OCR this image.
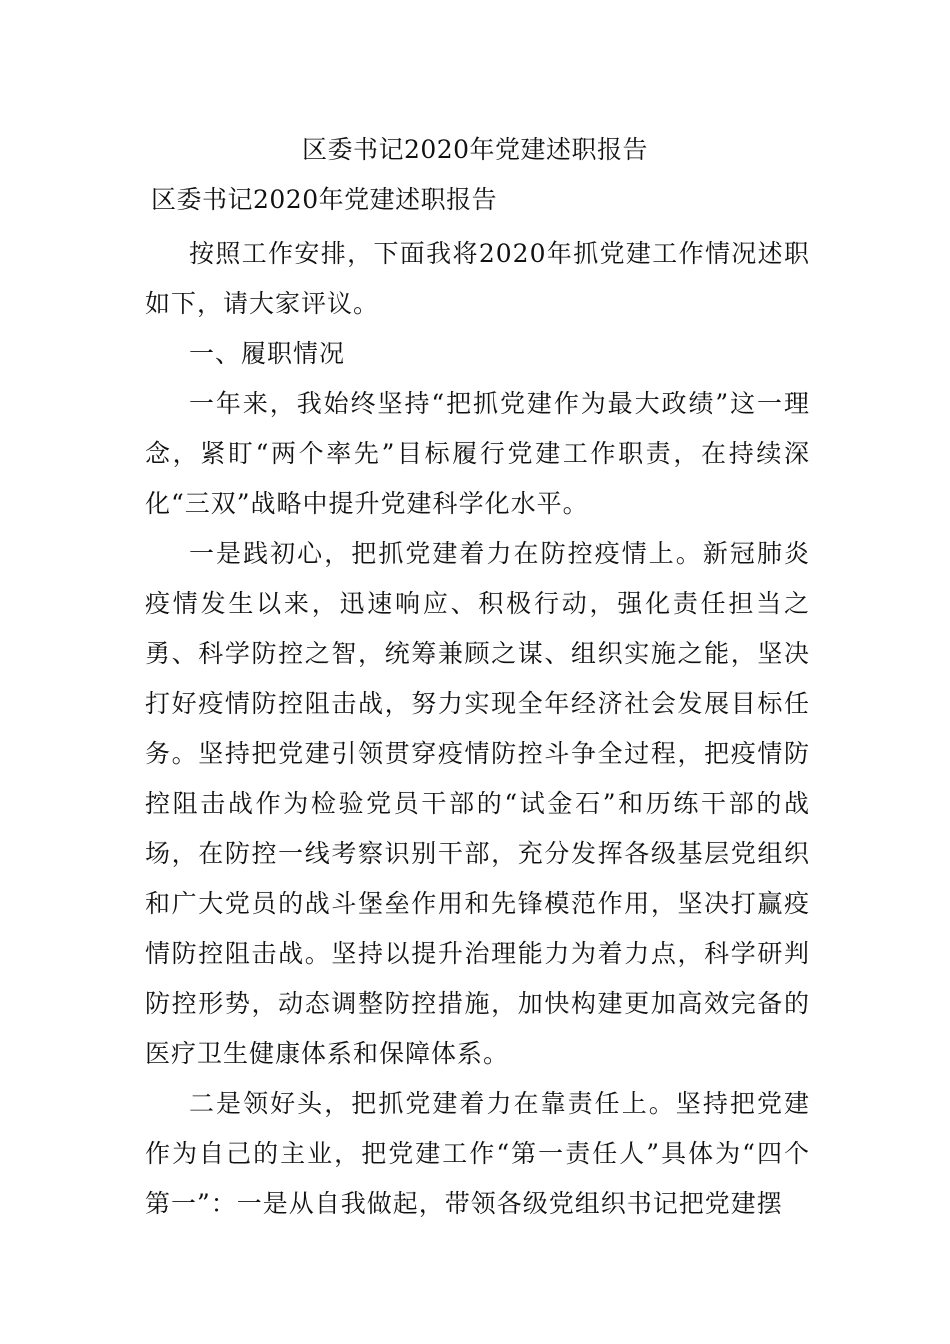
区委书记2020年党建述职报告
区委书记2020年党建述职报告

按照工作安排，下面我将2020年抓党建工作情况述职如下，请大家评议。

一、履职情况

一年来，我始终坚持“把抓党建作为最大政绩”这一理念，紧盯“两个率先”目标履行党建工作职责，在持续深化“三双”战略中提升党建科学化水平。

一是践初心，把抓党建着力在防控疫情上。新冠肺炎疫情发生以来，迅速响应、积极行动，强化责任担当之勇、科学防控之智，统筹兼顾之谋、组织实施之能，坚决打好疫情防控阻击战，努力实现全年经济社会发展目标任务。坚持把党建引领贯穿疫情防控斗争全过程，把疫情防控阻击战作为检验党员干部的“试金石”和历练干部的战场，在防控一线考察识别干部，充分发挥各级基层党组织和广大党员的战斗堡垒作用和先锋模范作用，坚决打赢疫情防控阻击战。坚持以提升治理能力为着力点，科学研判防控形势，动态调整防控措施，加快构建更加高效完备的医疗卫生健康体系和保障体系。

二是领好头，把抓党建着力在靠责任上。坚持把党建作为自己的主业，把党建工作“第一责任人”具体为“四个第一”：一是从自我做起，带领各级党组织书记把党建摆
